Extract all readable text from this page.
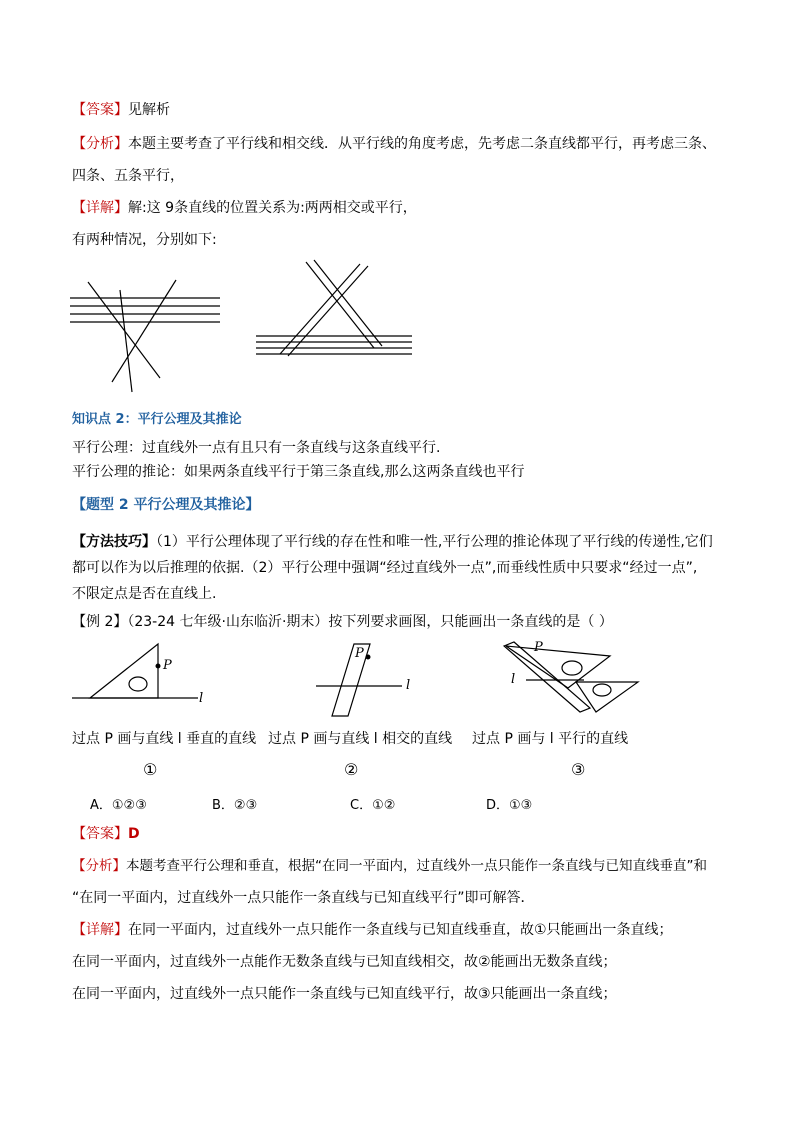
【答案】见解析
【分析】本题主要考查了平行线和相交线．从平行线的角度考虑，先考虑二条直线都平行，再考虑三条、
四条、五条平行，
【详解】解:这 9条直线的位置关系为:两两相交或平行，
有两种情况，分别如下:
知识点 2：平行公理及其推论
平行公理：过直线外一点有且只有一条直线与这条直线平行.
平行公理的推论：如果两条直线平行于第三条直线,那么这两条直线也平行
【题型 2 平行公理及其推论】
【方法技巧】（1）平行公理体现了平行线的存在性和唯一性,平行公理的推论体现了平行线的传递性,它们
都可以作为以后推理的依据.（2）平行公理中强调“经过直线外一点”,而垂线性质中只要求“经过一点”,
不限定点是否在直线上.
【例 2】（23-24 七年级·山东临沂·期末）按下列要求画图，只能画出一条直线的是（ ）
P
l
P
l
P
l
过点 P 画与直线 l 垂直的直线 过点 P 画与直线 l 相交的直线 过点 P 画与 l 平行的直线
①	②	③
A．①②③	B．②③	C．①②	D．①③
【答案】D
【分析】本题考查平行公理和垂直，根据“在同一平面内，过直线外一点只能作一条直线与已知直线垂直”和
“在同一平面内，过直线外一点只能作一条直线与已知直线平行”即可解答．
【详解】在同一平面内，过直线外一点只能作一条直线与已知直线垂直，故①只能画出一条直线；
在同一平面内，过直线外一点能作无数条直线与已知直线相交，故②能画出无数条直线；
在同一平面内，过直线外一点只能作一条直线与已知直线平行，故③只能画出一条直线；
